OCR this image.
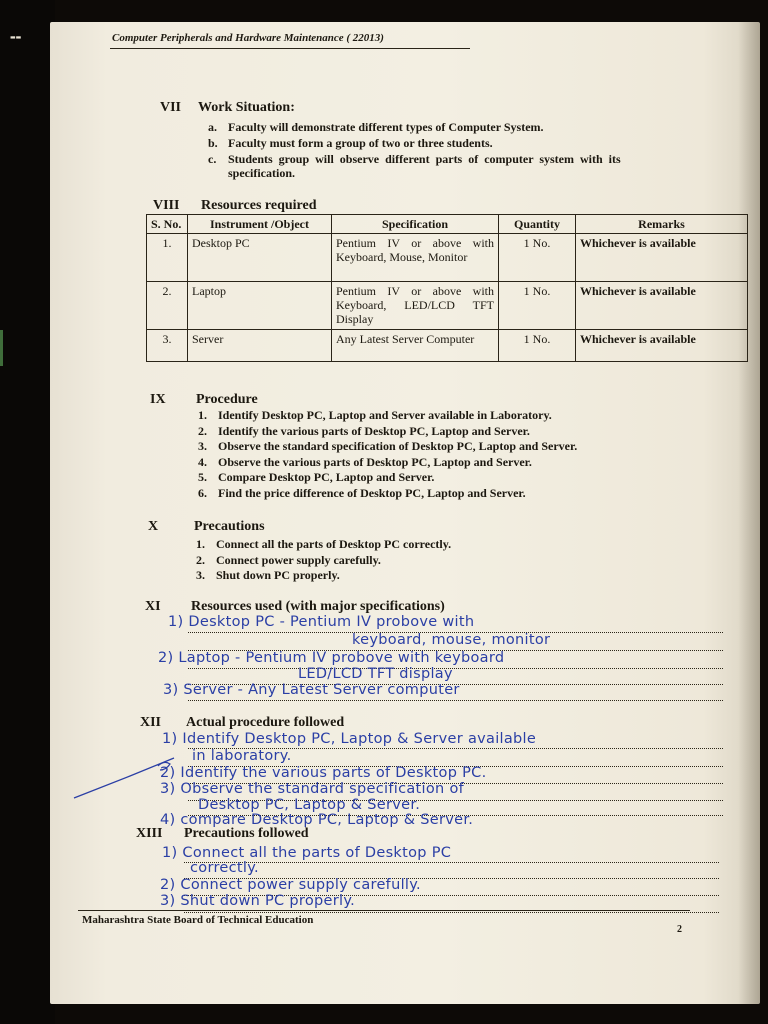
▬▬	Computer Peripherals and Hardware Maintenance ( 22013)
VII Work Situation:
a. Faculty will demonstrate different types of Computer System.
b. Faculty must form a group of two or three students.
c. Students group will observe different parts of computer system with its
specification.
VIII Resources required
S. No.	Instrument /Object	Specification	Quantity	Remarks
1.	Desktop PC	Pentium IV or above with Keyboard, Mouse, Monitor	1 No.	Whichever is available
2.	Laptop	Pentium IV or above with Keyboard, LED/LCD TFT Display	1 No.	Whichever is available
3.	Server	Any Latest Server Computer	1 No.	Whichever is available
IX Procedure
1. Identify Desktop PC, Laptop and Server available in Laboratory.
2. Identify the various parts of Desktop PC, Laptop and Server.
3. Observe the standard specification of Desktop PC, Laptop and Server.
4. Observe the various parts of Desktop PC, Laptop and Server.
5. Compare Desktop PC, Laptop and Server.
6. Find the price difference of Desktop PC, Laptop and Server.
X	Precautions
1. Connect all the parts of Desktop PC correctly.
2. Connect power supply carefully.
3. Shut down PC properly.
XI Resources used (with major specifications)
1) Desktop PC - Pentium IV probove with
keyboard, mouse, monitor
2) Laptop - Pentium IV probove with keyboard
LED/LCD TFT display
3) Server - Any Latest Server computer
XII Actual procedure followed
1) Identify Desktop PC, Laptop & Server available
in laboratory.
2) Identify the various parts of Desktop PC.
3) Observe the standard specification of
Desktop PC, Laptop & Server.
4) compare Desktop PC, Laptop & Server.
XIII Precautions followed
1) Connect all the parts of Desktop PC
correctly.
2) Connect power supply carefully.
3) Shut down PC properly.
Maharashtra State Board of Technical Education
2
